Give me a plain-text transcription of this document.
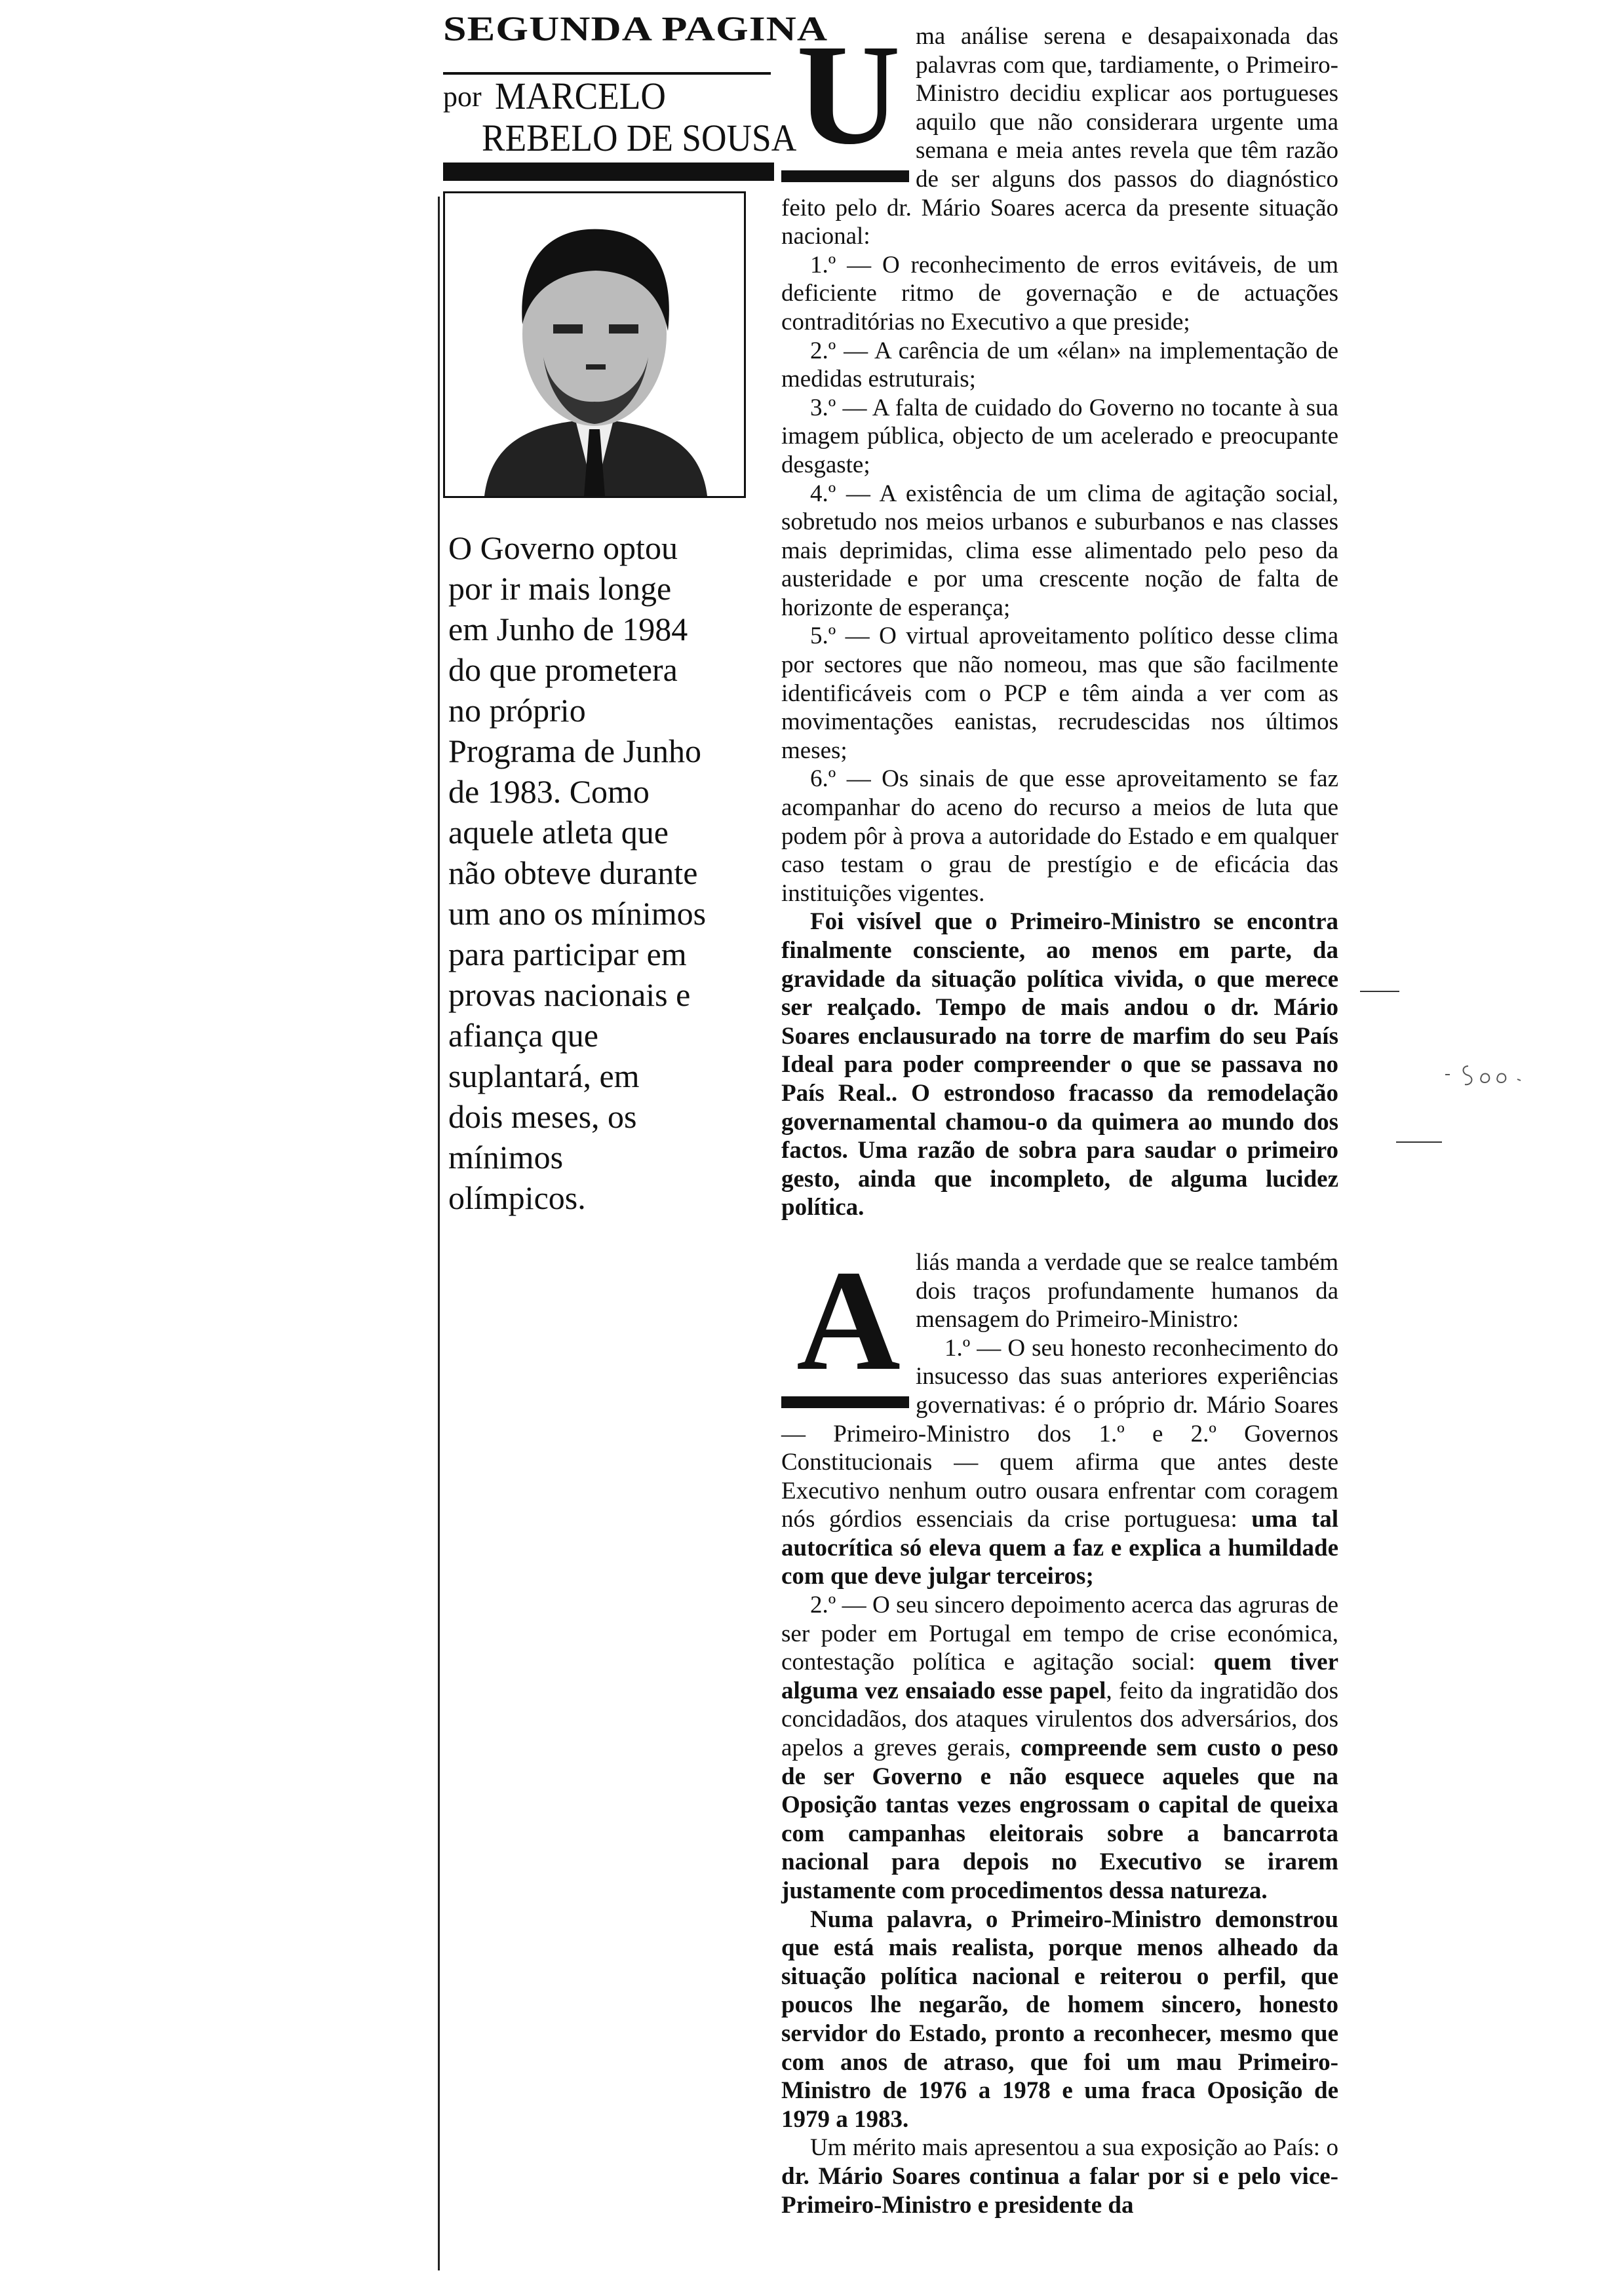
SEGUNDA PAGINA
por MARCELO
REBELO DE SOUSA
O Governo optou
por ir mais longe
em Junho de 1984
do que prometera
no próprio
Programa de Junho
de 1983. Como
aquele atleta que
não obteve durante
um ano os mínimos
para participar em
provas nacionais e
afiança que
suplantará, em
dois meses, os
mínimos
olímpicos.

U ma análise serena e desapaixonada das palavras com que, tardiamente, o Primeiro-Ministro decidiu explicar aos portugueses aquilo que não considerara urgente uma semana e meia antes revela que têm razão de ser alguns dos passos do diagnóstico feito pelo dr. Mário Soares acerca da presente situação nacional:

1.º — O reconhecimento de erros evitáveis, de um deficiente ritmo de governação e de actuações contraditórias no Executivo a que preside;

2.º — A carência de um «élan» na implementação de medidas estruturais;

3.º — A falta de cuidado do Governo no tocante à sua imagem pública, objecto de um acelerado e preocupante desgaste;

4.º — A existência de um clima de agitação social, sobretudo nos meios urbanos e suburbanos e nas classes mais deprimidas, clima esse alimentado pelo peso da austeridade e por uma crescente noção de falta de horizonte de esperança;

5.º — O virtual aproveitamento político desse clima por sectores que não nomeou, mas que são facilmente identificáveis com o PCP e têm ainda a ver com as movimentações eanistas, recrudescidas nos últimos meses;

6.º — Os sinais de que esse aproveitamento se faz acompanhar do aceno do recurso a meios de luta que podem pôr à prova a autoridade do Estado e em qualquer caso testam o grau de prestígio e de eficácia das instituições vigentes.

Foi visível que o Primeiro-Ministro se encontra finalmente consciente, ao menos em parte, da gravidade da situação política vivida, o que merece ser realçado. Tempo de mais andou o dr. Mário Soares enclausurado na torre de marfim do seu País Ideal para poder compreender o que se passava no País Real.. O estrondoso fracasso da remodelação governamental chamou-o da quimera ao mundo dos factos. Uma razão de sobra para saudar o primeiro gesto, ainda que incompleto, de alguma lucidez política.

A liás manda a verdade que se realce também dois traços profundamente humanos da mensagem do Primeiro-Ministro:

1.º — O seu honesto reconhecimento do insucesso das suas anteriores experiências governativas: é o próprio dr. Mário Soares — Primeiro-Ministro dos 1.º e 2.º Governos Constitucionais — quem afirma que antes deste Executivo nenhum outro ousara enfrentar com coragem nós górdios essenciais da crise portuguesa: uma tal autocrítica só eleva quem a faz e explica a humildade com que deve julgar terceiros;

2.º — O seu sincero depoimento acerca das agruras de ser poder em Portugal em tempo de crise económica, contestação política e agitação social: quem tiver alguma vez ensaiado esse papel, feito da ingratidão dos concidadãos, dos ataques virulentos dos adversários, dos apelos a greves gerais, compreende sem custo o peso de ser Governo e não esquece aqueles que na Oposição tantas vezes engrossam o capital de queixa com campanhas eleitorais sobre a bancarrota nacional para depois no Executivo se irarem justamente com procedimentos dessa natureza.

Numa palavra, o Primeiro-Ministro demonstrou que está mais realista, porque menos alheado da situação política nacional e reiterou o perfil, que poucos lhe negarão, de homem sincero, honesto servidor do Estado, pronto a reconhecer, mesmo que com anos de atraso, que foi um mau Primeiro-Ministro de 1976 a 1978 e uma fraca Oposição de 1979 a 1983.

Um mérito mais apresentou a sua exposição ao País: o dr. Mário Soares continua a falar por si e pelo vice-Primeiro-Ministro e presidente da
